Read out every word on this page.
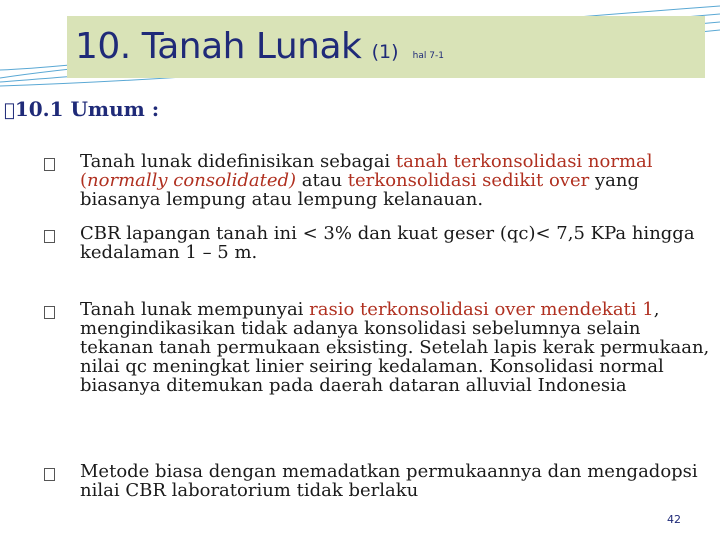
10. Tanah Lunak (1) hal 7-1
 10.1 Umum :
Tanah lunak didefinisikan sebagai tanah terkonsolidasi normal (normally consolidated) atau terkonsolidasi sedikit over yang biasanya lempung atau lempung kelanauan.
CBR lapangan tanah ini < 3% dan kuat geser (qc)< 7,5 KPa hingga kedalaman 1 – 5 m.
Tanah lunak mempunyai rasio terkonsolidasi over mendekati 1, mengindikasikan tidak adanya konsolidasi sebelumnya selain tekanan tanah permukaan eksisting. Setelah lapis kerak permukaan, nilai qc meningkat linier seiring kedalaman. Konsolidasi normal biasanya ditemukan pada daerah dataran alluvial Indonesia
Metode biasa dengan memadatkan permukaannya dan mengadopsi nilai CBR laboratorium tidak berlaku
42
